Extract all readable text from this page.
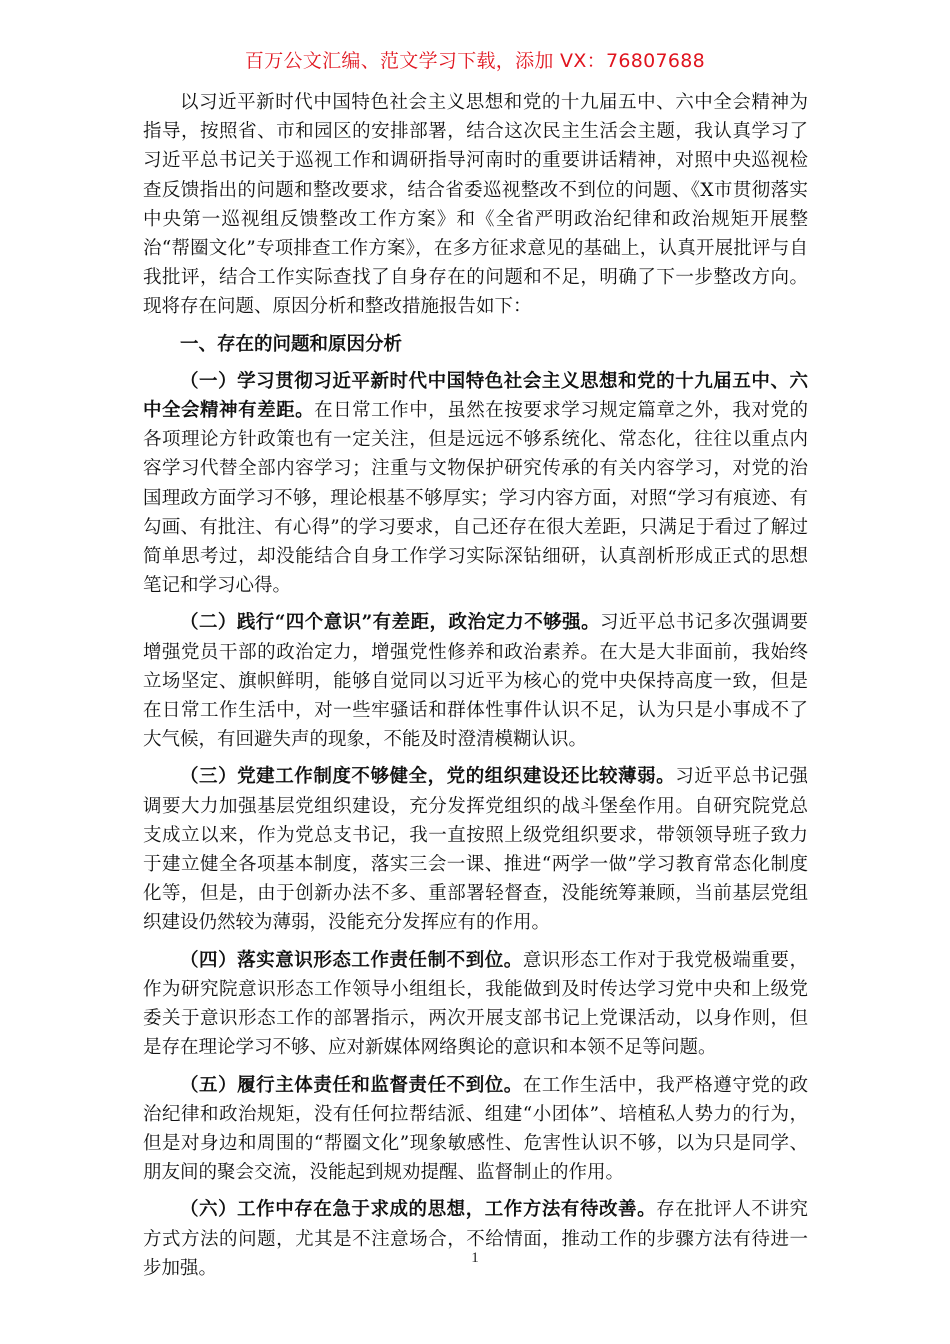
百万公文汇编、范文学习下载，添加 VX：76807688

以习近平新时代中国特色社会主义思想和党的十九届五中、六中全会精神为指导，按照省、市和园区的安排部署，结合这次民主生活会主题，我认真学习了习近平总书记关于巡视工作和调研指导河南时的重要讲话精神，对照中央巡视检查反馈指出的问题和整改要求，结合省委巡视整改不到位的问题、《X市贯彻落实中央第一巡视组反馈整改工作方案》和《全省严明政治纪律和政治规矩开展整治“帮圈文化”专项排查工作方案》，在多方征求意见的基础上，认真开展批评与自我批评，结合工作实际查找了自身存在的问题和不足，明确了下一步整改方向。现将存在问题、原因分析和整改措施报告如下：

一、存在的问题和原因分析

（一）学习贯彻习近平新时代中国特色社会主义思想和党的十九届五中、六中全会精神有差距。在日常工作中，虽然在按要求学习规定篇章之外，我对党的各项理论方针政策也有一定关注，但是远远不够系统化、常态化，往往以重点内容学习代替全部内容学习；注重与文物保护研究传承的有关内容学习，对党的治国理政方面学习不够，理论根基不够厚实；学习内容方面，对照“学习有痕迹、有勾画、有批注、有心得”的学习要求，自己还存在很大差距，只满足于看过了解过简单思考过，却没能结合自身工作学习实际深钻细研，认真剖析形成正式的思想笔记和学习心得。

（二）践行“四个意识”有差距，政治定力不够强。习近平总书记多次强调要增强党员干部的政治定力，增强党性修养和政治素养。在大是大非面前，我始终立场坚定、旗帜鲜明，能够自觉同以习近平为核心的党中央保持高度一致，但是在日常工作生活中，对一些牢骚话和群体性事件认识不足，认为只是小事成不了大气候，有回避失声的现象，不能及时澄清模糊认识。

（三）党建工作制度不够健全，党的组织建设还比较薄弱。习近平总书记强调要大力加强基层党组织建设，充分发挥党组织的战斗堡垒作用。自研究院党总支成立以来，作为党总支书记，我一直按照上级党组织要求，带领领导班子致力于建立健全各项基本制度，落实三会一课、推进“两学一做”学习教育常态化制度化等，但是，由于创新办法不多、重部署轻督查，没能统筹兼顾，当前基层党组织建设仍然较为薄弱，没能充分发挥应有的作用。

（四）落实意识形态工作责任制不到位。意识形态工作对于我党极端重要，作为研究院意识形态工作领导小组组长，我能做到及时传达学习党中央和上级党委关于意识形态工作的部署指示，两次开展支部书记上党课活动，以身作则，但是存在理论学习不够、应对新媒体网络舆论的意识和本领不足等问题。

（五）履行主体责任和监督责任不到位。在工作生活中，我严格遵守党的政治纪律和政治规矩，没有任何拉帮结派、组建“小团体”、培植私人势力的行为，但是对身边和周围的“帮圈文化”现象敏感性、危害性认识不够，以为只是同学、朋友间的聚会交流，没能起到规劝提醒、监督制止的作用。

（六）工作中存在急于求成的思想，工作方法有待改善。存在批评人不讲究方式方法的问题，尤其是不注意场合，不给情面，推动工作的步骤方法有待进一步加强。	1
